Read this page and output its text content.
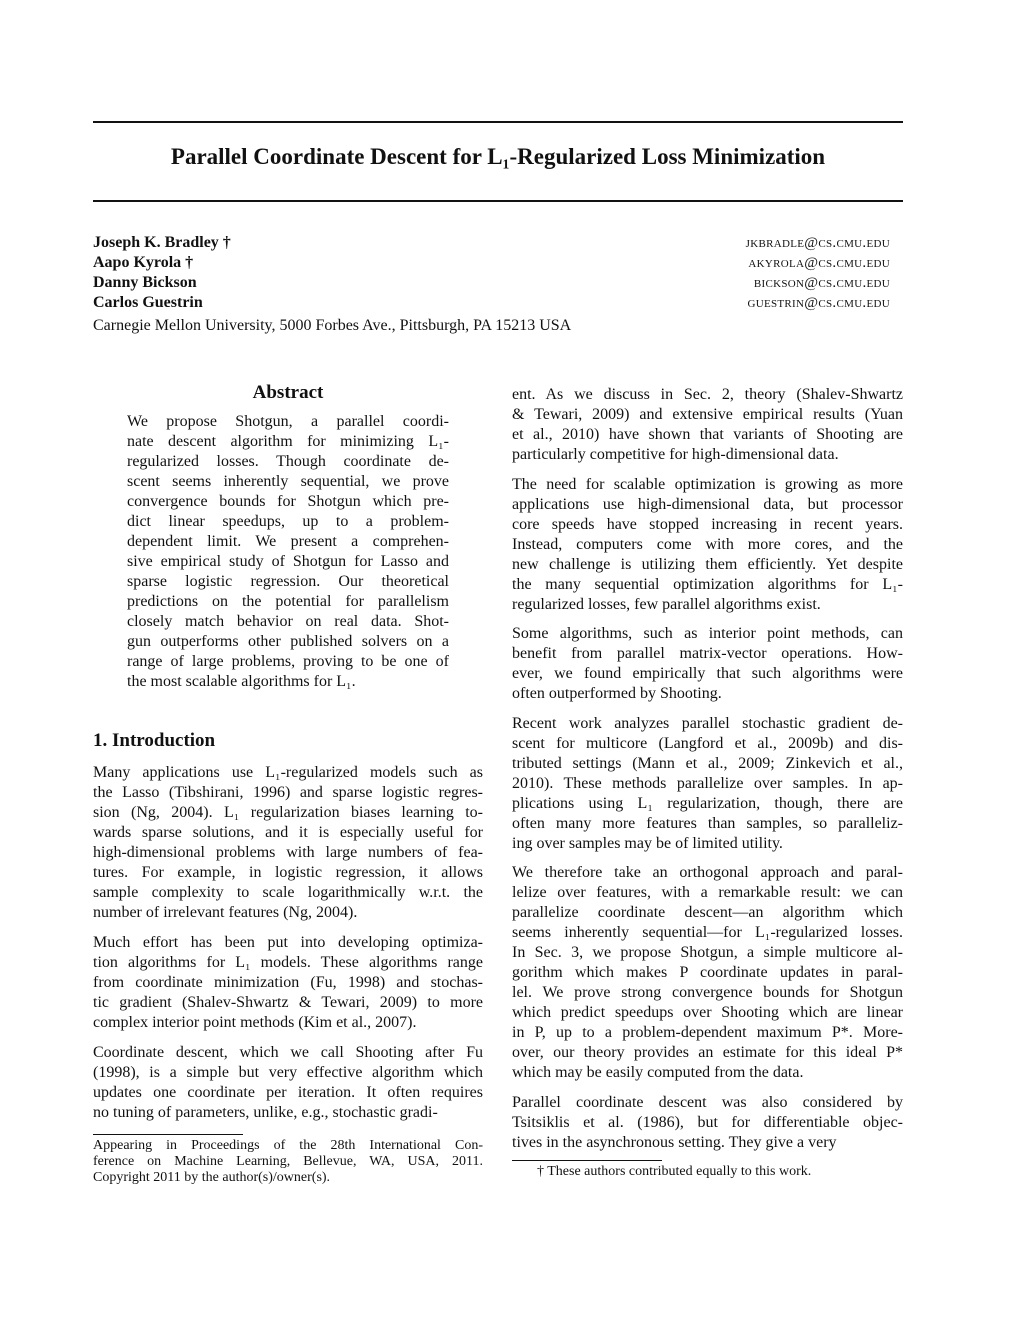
Parallel Coordinate Descent for L₁-Regularized Loss Minimization
Joseph K. Bradley †	jkbradle@cs.cmu.edu
Aapo Kyrola †	akyrola@cs.cmu.edu
Danny Bickson	bickson@cs.cmu.edu
Carlos Guestrin	guestrin@cs.cmu.edu
Carnegie Mellon University, 5000 Forbes Ave., Pittsburgh, PA 15213 USA
Abstract
We propose Shotgun, a parallel coordi-
nate descent algorithm for minimizing L₁-
regularized losses. Though coordinate de-
scent seems inherently sequential, we prove
convergence bounds for Shotgun which pre-
dict linear speedups, up to a problem-
dependent limit. We present a comprehen-
sive empirical study of Shotgun for Lasso and
sparse logistic regression. Our theoretical
predictions on the potential for parallelism
closely match behavior on real data. Shot-
gun outperforms other published solvers on a
range of large problems, proving to be one of
the most scalable algorithms for L₁.
1. Introduction
Many applications use L₁-regularized models such as
the Lasso (Tibshirani, 1996) and sparse logistic regres-
sion (Ng, 2004). L₁ regularization biases learning to-
wards sparse solutions, and it is especially useful for
high-dimensional problems with large numbers of fea-
tures. For example, in logistic regression, it allows
sample complexity to scale logarithmically w.r.t. the
number of irrelevant features (Ng, 2004).
Much effort has been put into developing optimiza-
tion algorithms for L₁ models. These algorithms range
from coordinate minimization (Fu, 1998) and stochas-
tic gradient (Shalev-Shwartz & Tewari, 2009) to more
complex interior point methods (Kim et al., 2007).
Coordinate descent, which we call Shooting after Fu
(1998), is a simple but very effective algorithm which
updates one coordinate per iteration. It often requires
no tuning of parameters, unlike, e.g., stochastic gradi-
Appearing in Proceedings of the 28th International Con-
ference on Machine Learning, Bellevue, WA, USA, 2011.
Copyright 2011 by the author(s)/owner(s).
ent. As we discuss in Sec. 2, theory (Shalev-Shwartz
& Tewari, 2009) and extensive empirical results (Yuan
et al., 2010) have shown that variants of Shooting are
particularly competitive for high-dimensional data.
The need for scalable optimization is growing as more
applications use high-dimensional data, but processor
core speeds have stopped increasing in recent years.
Instead, computers come with more cores, and the
new challenge is utilizing them efficiently. Yet despite
the many sequential optimization algorithms for L₁-
regularized losses, few parallel algorithms exist.
Some algorithms, such as interior point methods, can
benefit from parallel matrix-vector operations. How-
ever, we found empirically that such algorithms were
often outperformed by Shooting.
Recent work analyzes parallel stochastic gradient de-
scent for multicore (Langford et al., 2009b) and dis-
tributed settings (Mann et al., 2009; Zinkevich et al.,
2010). These methods parallelize over samples. In ap-
plications using L₁ regularization, though, there are
often many more features than samples, so paralleliz-
ing over samples may be of limited utility.
We therefore take an orthogonal approach and paral-
lelize over features, with a remarkable result: we can
parallelize coordinate descent—an algorithm which
seems inherently sequential—for L₁-regularized losses.
In Sec. 3, we propose Shotgun, a simple multicore al-
gorithm which makes P coordinate updates in paral-
lel. We prove strong convergence bounds for Shotgun
which predict speedups over Shooting which are linear
in P, up to a problem-dependent maximum P*. More-
over, our theory provides an estimate for this ideal P*
which may be easily computed from the data.
Parallel coordinate descent was also considered by
Tsitsiklis et al. (1986), but for differentiable objec-
tives in the asynchronous setting. They give a very
† These authors contributed equally to this work.
